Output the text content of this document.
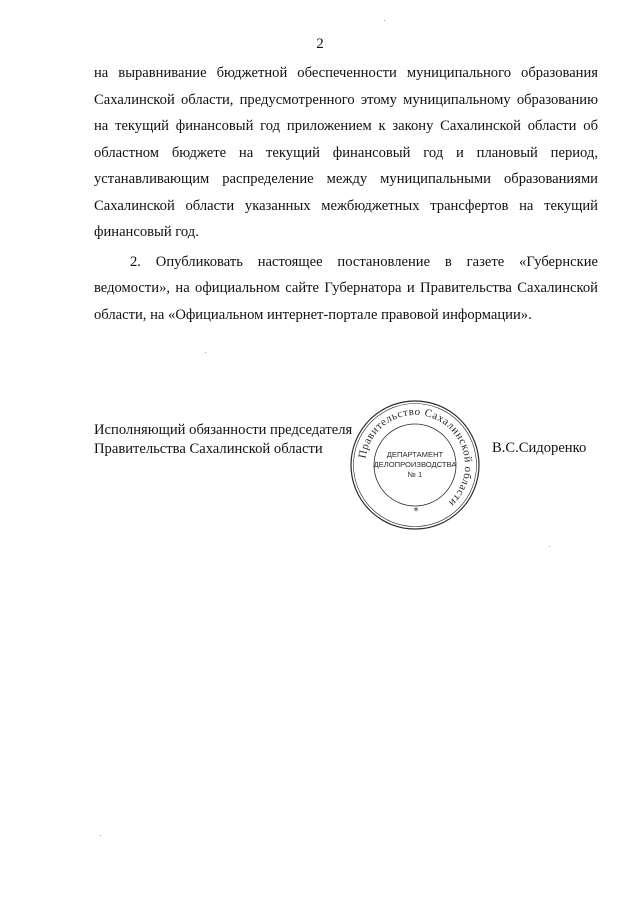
2

на выравнивание бюджетной обеспеченности муниципального образования Сахалинской области, предусмотренного этому муниципальному образованию на текущий финансовый год приложением к закону Сахалинской области об областном бюджете на текущий финансовый год и плановый период, устанавливающим распределение между муниципальными образованиями Сахалинской области указанных межбюджетных трансфертов на текущий финансовый год.

2. Опубликовать настоящее постановление в газете «Губернские ведомости», на официальном сайте Губернатора и Правительства Сахалинской области, на «Официальном интернет-портале правовой информации».

Исполняющий обязанности председателя
Правительства Сахалинской области	Правительство Сахалинской области
*
ДЕПАРТАМЕНТ
ДЕЛОПРОИЗВОДСТВА
№ 1
В.С.Сидоренко
